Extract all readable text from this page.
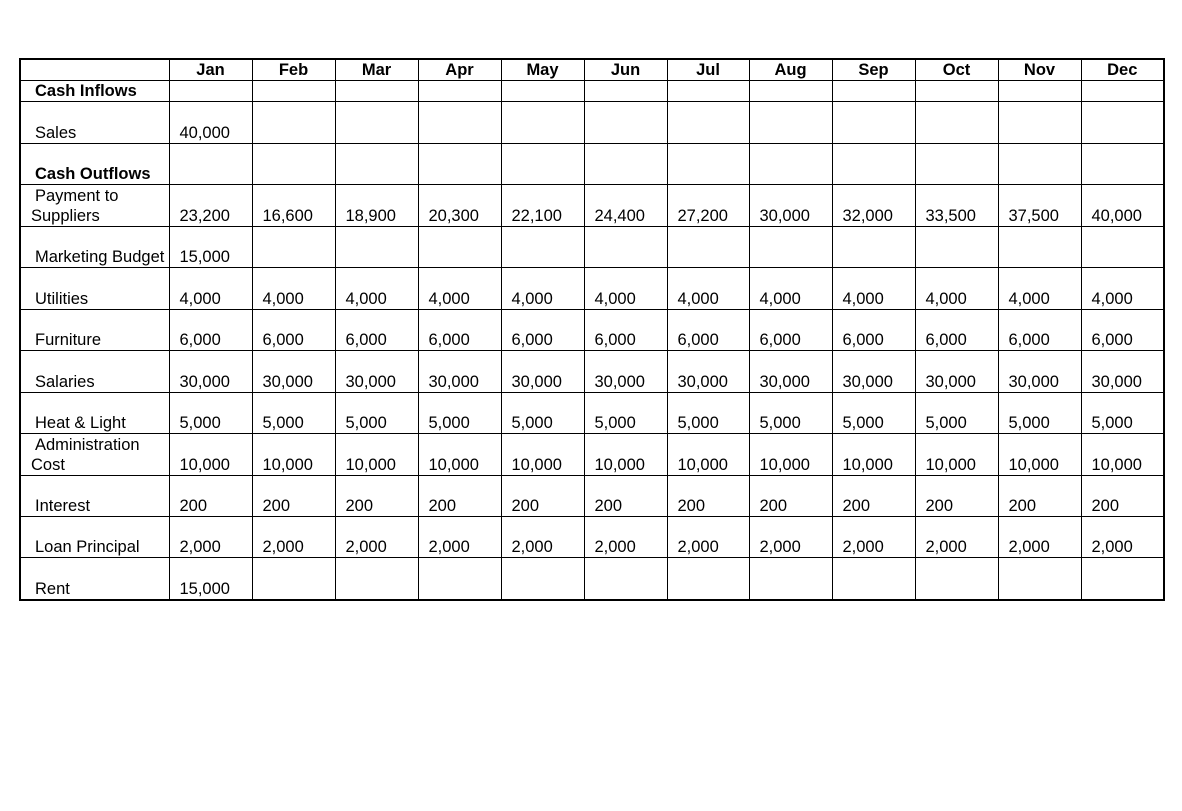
	Jan	Feb	Mar	Apr	May	Jun	Jul	Aug	Sep	Oct	Nov	Dec
Cash Inflows												
Sales	40,000											
Cash Outflows												
Payment to Suppliers	23,200	16,600	18,900	20,300	22,100	24,400	27,200	30,000	32,000	33,500	37,500	40,000
Marketing Budget	15,000											
Utilities	4,000	4,000	4,000	4,000	4,000	4,000	4,000	4,000	4,000	4,000	4,000	4,000
Furniture	6,000	6,000	6,000	6,000	6,000	6,000	6,000	6,000	6,000	6,000	6,000	6,000
Salaries	30,000	30,000	30,000	30,000	30,000	30,000	30,000	30,000	30,000	30,000	30,000	30,000
Heat & Light	5,000	5,000	5,000	5,000	5,000	5,000	5,000	5,000	5,000	5,000	5,000	5,000
Administration Cost	10,000	10,000	10,000	10,000	10,000	10,000	10,000	10,000	10,000	10,000	10,000	10,000
Interest	200	200	200	200	200	200	200	200	200	200	200	200
Loan Principal	2,000	2,000	2,000	2,000	2,000	2,000	2,000	2,000	2,000	2,000	2,000	2,000
Rent	15,000											
